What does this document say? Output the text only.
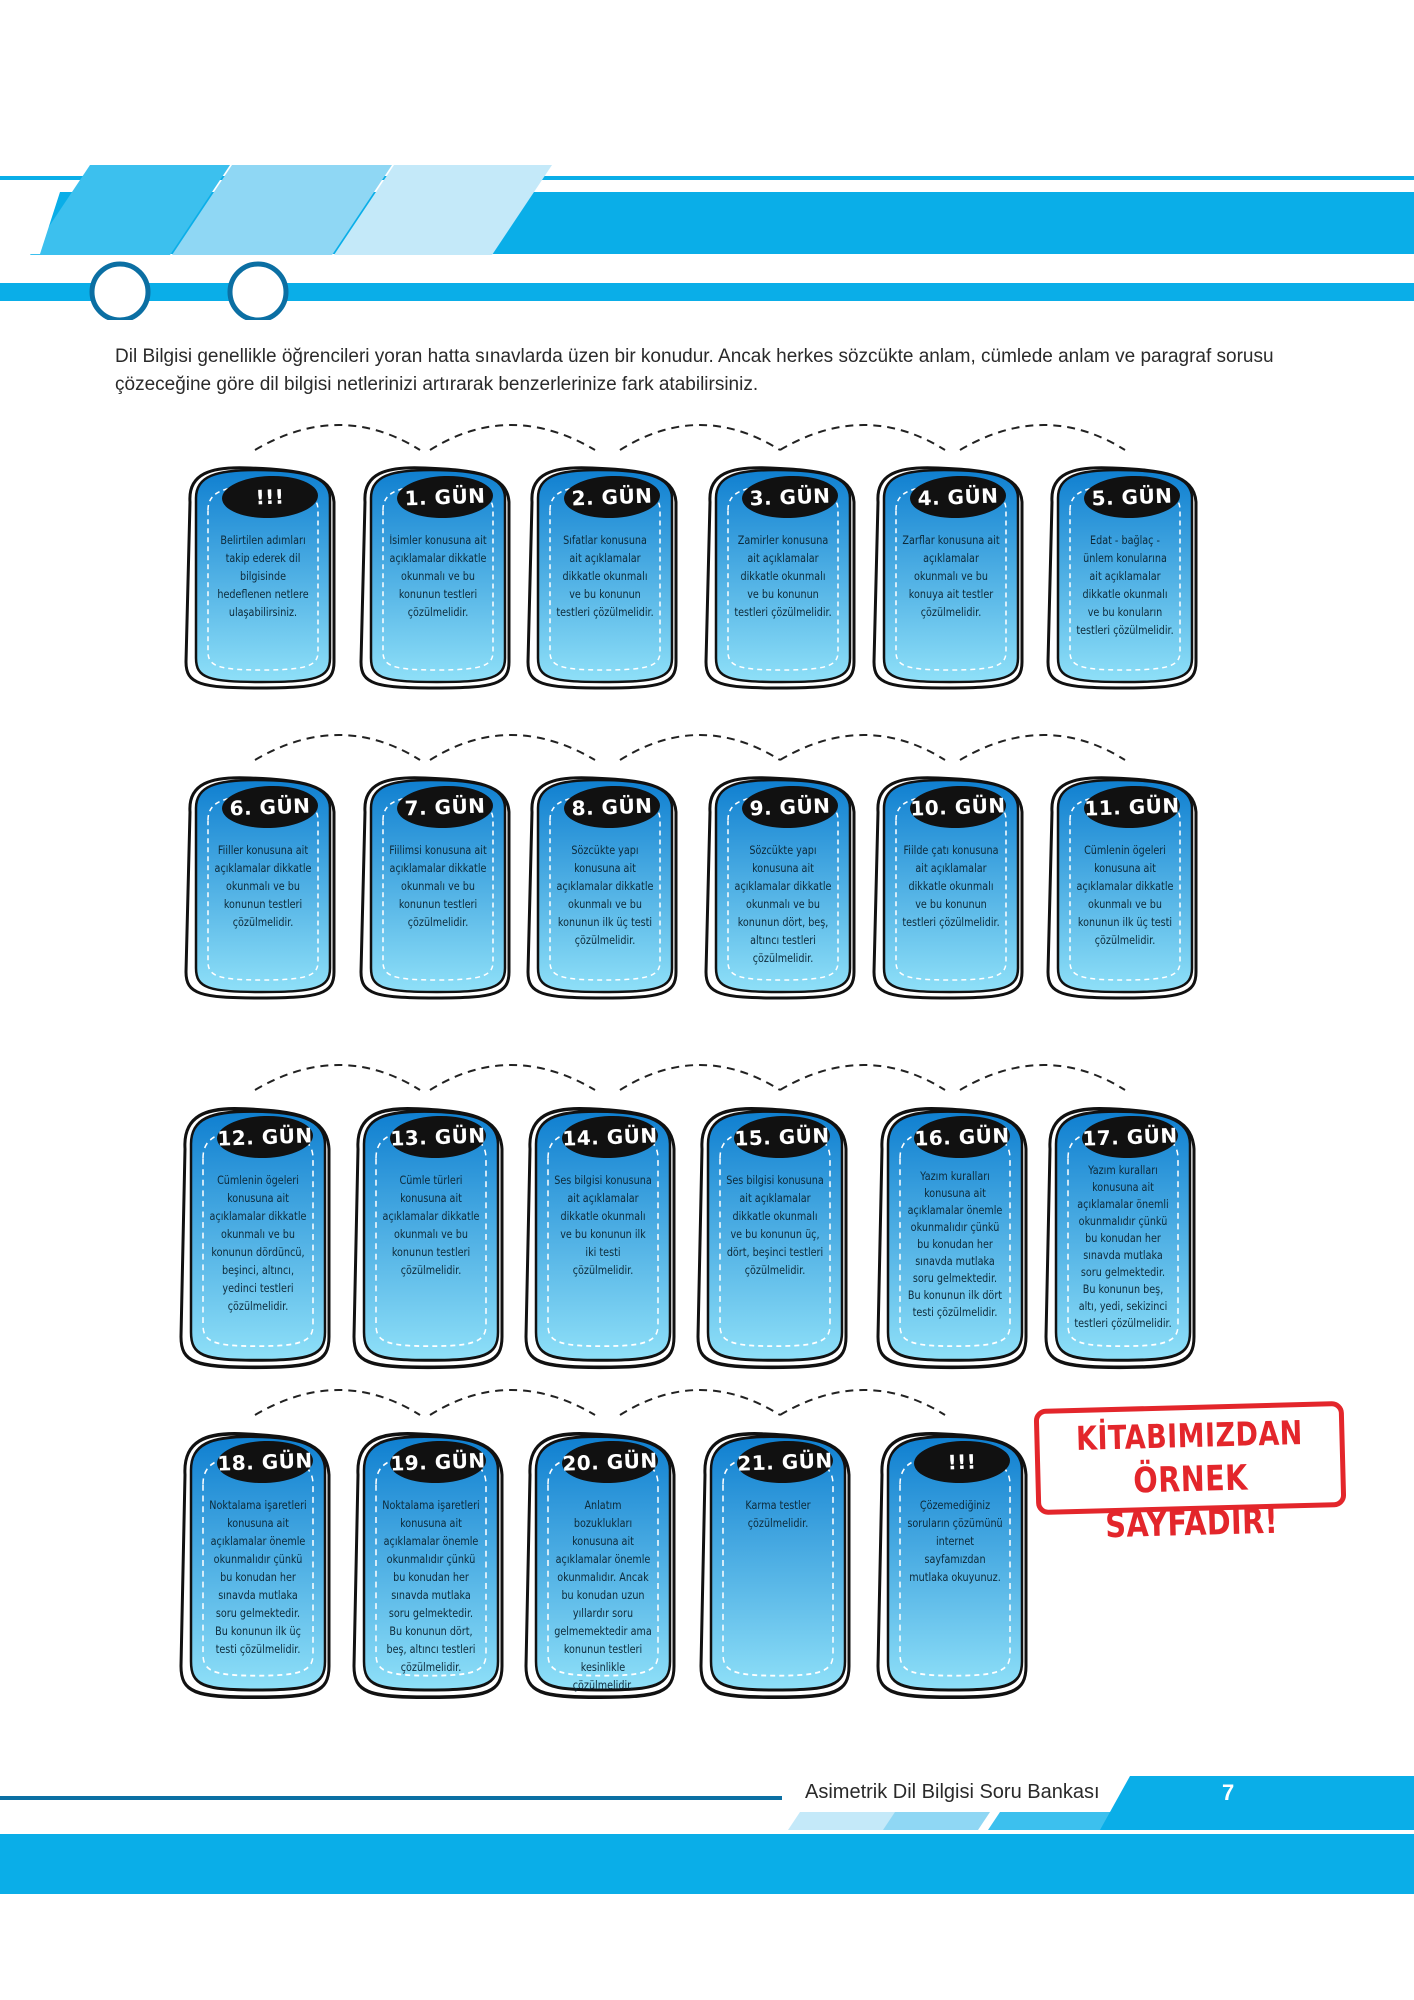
Dil Bilgisi genellikle öğrencileri yoran hatta sınavlarda üzen bir konudur. Ancak herkes sözcükte anlam, cümlede anlam ve paragraf sorusu

çözeceğine göre dil bilgisi netlerinizi artırarak benzerlerinize fark atabilirsiniz.

!!!
Belirtilen adımları takip ederek dil bilgisinde hedeflenen netlere ulaşabilirsiniz.
1. GÜN
İsimler konusuna ait açıklamalar dikkatle okunmalı ve bu konunun testleri çözülmelidir.
2. GÜN
Sıfatlar konusuna ait açıklamalar dikkatle okunmalı ve bu konunun testleri çözülmelidir.
3. GÜN
Zamirler konusuna ait açıklamalar dikkatle okunmalı ve bu konunun testleri çözülmelidir.
4. GÜN
Zarflar konusuna ait açıklamalar okunmalı ve bu konuya ait testler çözülmelidir.
5. GÜN
Edat - bağlaç - ünlem konularına ait açıklamalar dikkatle okunmalı ve bu konuların testleri çözülmelidir.
6. GÜN
Fiiller konusuna ait açıklamalar dikkatle okunmalı ve bu konunun testleri çözülmelidir.
7. GÜN
Fiilimsi konusuna ait açıklamalar dikkatle okunmalı ve bu konunun testleri çözülmelidir.
8. GÜN
Sözcükte yapı konusuna ait açıklamalar dikkatle okunmalı ve bu konunun ilk üç testi çözülmelidir.
9. GÜN
Sözcükte yapı konusuna ait açıklamalar dikkatle okunmalı ve bu konunun dört, beş, altıncı testleri çözülmelidir.
10. GÜN
Fiilde çatı konusuna ait açıklamalar dikkatle okunmalı ve bu konunun testleri çözülmelidir.
11. GÜN
Cümlenin ögeleri konusuna ait açıklamalar dikkatle okunmalı ve bu konunun ilk üç testi çözülmelidir.
12. GÜN
Cümlenin ögeleri konusuna ait açıklamalar dikkatle okunmalı ve bu konunun dördüncü, beşinci, altıncı, yedinci testleri çözülmelidir.
13. GÜN
Cümle türleri konusuna ait açıklamalar dikkatle okunmalı ve bu konunun testleri çözülmelidir.
14. GÜN
Ses bilgisi konusuna ait açıklamalar dikkatle okunmalı ve bu konunun ilk iki testi çözülmelidir.
15. GÜN
Ses bilgisi konusuna ait açıklamalar dikkatle okunmalı ve bu konunun üç, dört, beşinci testleri çözülmelidir.
16. GÜN
Yazım kuralları konusuna ait açıklamalar önemle okunmalıdır çünkü bu konudan her sınavda mutlaka soru gelmektedir. Bu konunun ilk dört testi çözülmelidir.
17. GÜN
Yazım kuralları konusuna ait açıklamalar önemli okunmalıdır çünkü bu konudan her sınavda mutlaka soru gelmektedir. Bu konunun beş, altı, yedi, sekizinci testleri çözülmelidir.
18. GÜN
Noktalama işaretleri konusuna ait açıklamalar önemle okunmalıdır çünkü bu konudan her sınavda mutlaka soru gelmektedir. Bu konunun ilk üç testi çözülmelidir.
19. GÜN
Noktalama işaretleri konusuna ait açıklamalar önemle okunmalıdır çünkü bu konudan her sınavda mutlaka soru gelmektedir. Bu konunun dört, beş, altıncı testleri çözülmelidir.
20. GÜN
Anlatım bozuklukları konusuna ait açıklamalar önemle okunmalıdır. Ancak bu konudan uzun yıllardır soru gelmemektedir ama konunun testleri kesinlikle çözülmelidir.
21. GÜN
Karma testler çözülmelidir.
!!!
Çözemediğiniz soruların çözümünü internet sayfamızdan mutlaka okuyunuz.
KİTABIMIZDAN
ÖRNEK SAYFADIR!
Asimetrik Dil Bilgisi Soru Bankası	7
